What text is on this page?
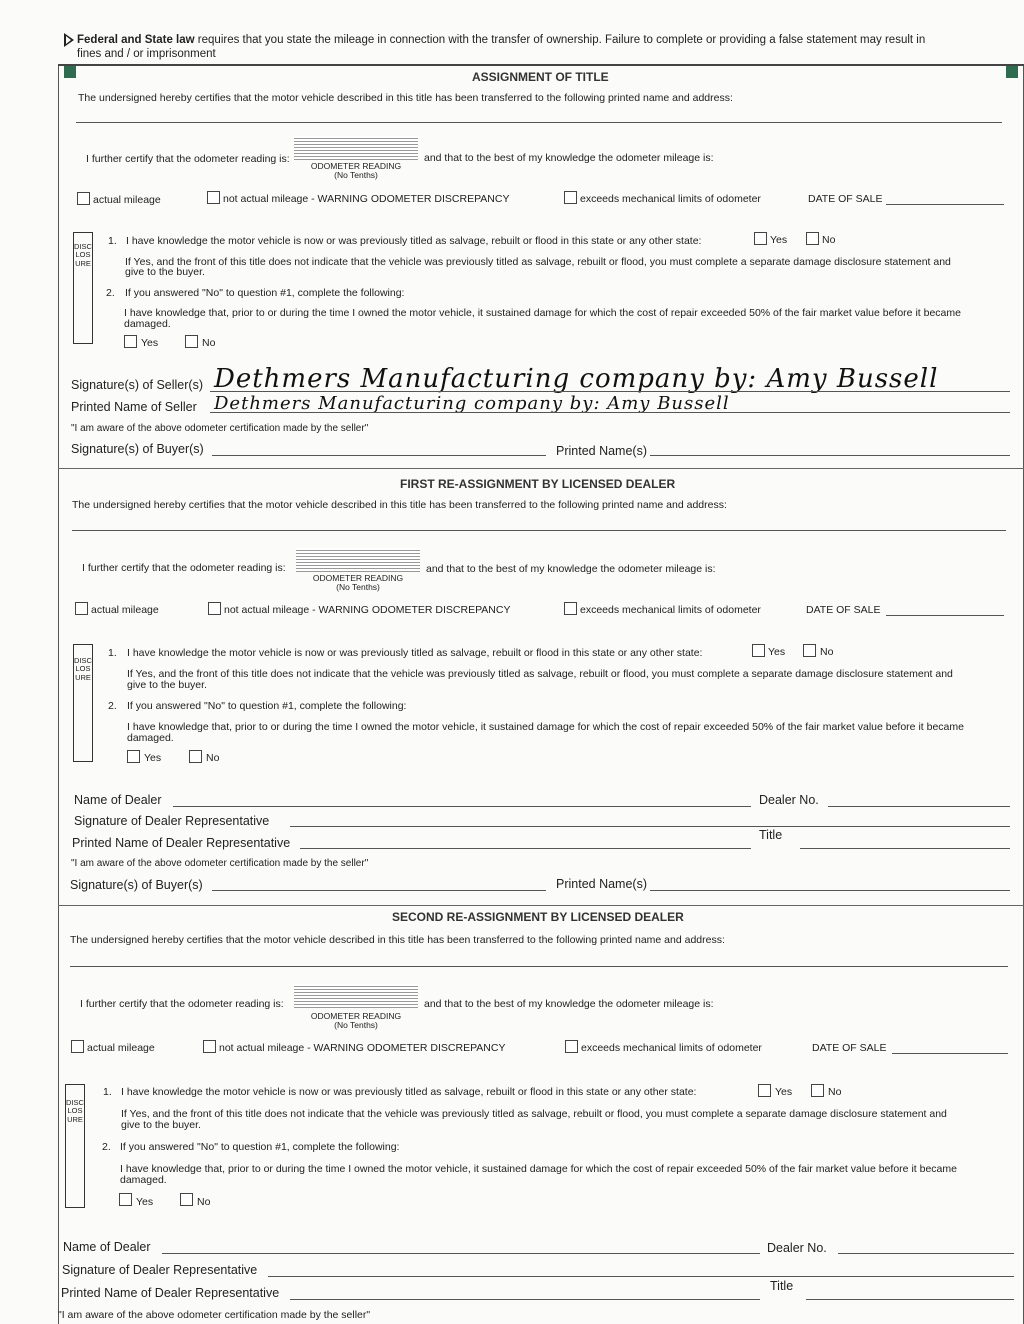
Federal and State law requires that you state the mileage in connection with the transfer of ownership. Failure to complete or providing a false statement may result in
fines and / or imprisonment
ASSIGNMENT OF TITLE
The undersigned hereby certifies that the motor vehicle described in this title has been transferred to the following printed name and address:
I further certify that the odometer reading is:
ODOMETER READING
(No Tenths)
and that to the best of my knowledge the odometer mileage is:
actual mileage	not actual mileage - WARNING ODOMETER DISCREPANCY	exceeds mechanical limits of odometer	DATE OF SALE
DISCLOSURE
1. I have knowledge the motor vehicle is now or was previously titled as salvage, rebuilt or flood in this state or any other state:	Yes	No
If Yes, and the front of this title does not indicate that the vehicle was previously titled as salvage, rebuilt or flood, you must complete a separate damage disclosure statement and
give to the buyer.
2. If you answered "No" to question #1, complete the following:
I have knowledge that, prior to or during the time I owned the motor vehicle, it sustained damage for which the cost of repair exceeded 50% of the fair market value before it became
damaged.
Yes	No
Signature(s) of Seller(s) Dethmers Manufacturing company by: Amy Bussell
Printed Name of Seller Dethmers Manufacturing company by: Amy Bussell
"I am aware of the above odometer certification made by the seller"
Signature(s) of Buyer(s)	Printed Name(s)
FIRST RE-ASSIGNMENT BY LICENSED DEALER
The undersigned hereby certifies that the motor vehicle described in this title has been transferred to the following printed name and address:
I further certify that the odometer reading is:
ODOMETER READING
(No Tenths)
and that to the best of my knowledge the odometer mileage is:
actual mileage	not actual mileage - WARNING ODOMETER DISCREPANCY	exceeds mechanical limits of odometer	DATE OF SALE
DISCLOSURE
1. I have knowledge the motor vehicle is now or was previously titled as salvage, rebuilt or flood in this state or any other state:	Yes	No
If Yes, and the front of this title does not indicate that the vehicle was previously titled as salvage, rebuilt or flood, you must complete a separate damage disclosure statement and
give to the buyer.
2. If you answered "No" to question #1, complete the following:
I have knowledge that, prior to or during the time I owned the motor vehicle, it sustained damage for which the cost of repair exceeded 50% of the fair market value before it became
damaged.
Yes	No
Name of Dealer	Dealer No.
Signature of Dealer Representative
Printed Name of Dealer Representative
Title
"I am aware of the above odometer certification made by the seller"
Signature(s) of Buyer(s)	Printed Name(s)
SECOND RE-ASSIGNMENT BY LICENSED DEALER
The undersigned hereby certifies that the motor vehicle described in this title has been transferred to the following printed name and address:
I further certify that the odometer reading is:
ODOMETER READING
(No Tenths)
and that to the best of my knowledge the odometer mileage is:
actual mileage	not actual mileage - WARNING ODOMETER DISCREPANCY	exceeds mechanical limits of odometer	DATE OF SALE
DISCLOSURE
1. I have knowledge the motor vehicle is now or was previously titled as salvage, rebuilt or flood in this state or any other state:	Yes	No
If Yes, and the front of this title does not indicate that the vehicle was previously titled as salvage, rebuilt or flood, you must complete a separate damage disclosure statement and
give to the buyer.
2. If you answered "No" to question #1, complete the following:
I have knowledge that, prior to or during the time I owned the motor vehicle, it sustained damage for which the cost of repair exceeded 50% of the fair market value before it became
damaged.
Yes	No
Name of Dealer	Dealer No.
Signature of Dealer Representative
Printed Name of Dealer Representative	Title
"I am aware of the above odometer certification made by the seller"
